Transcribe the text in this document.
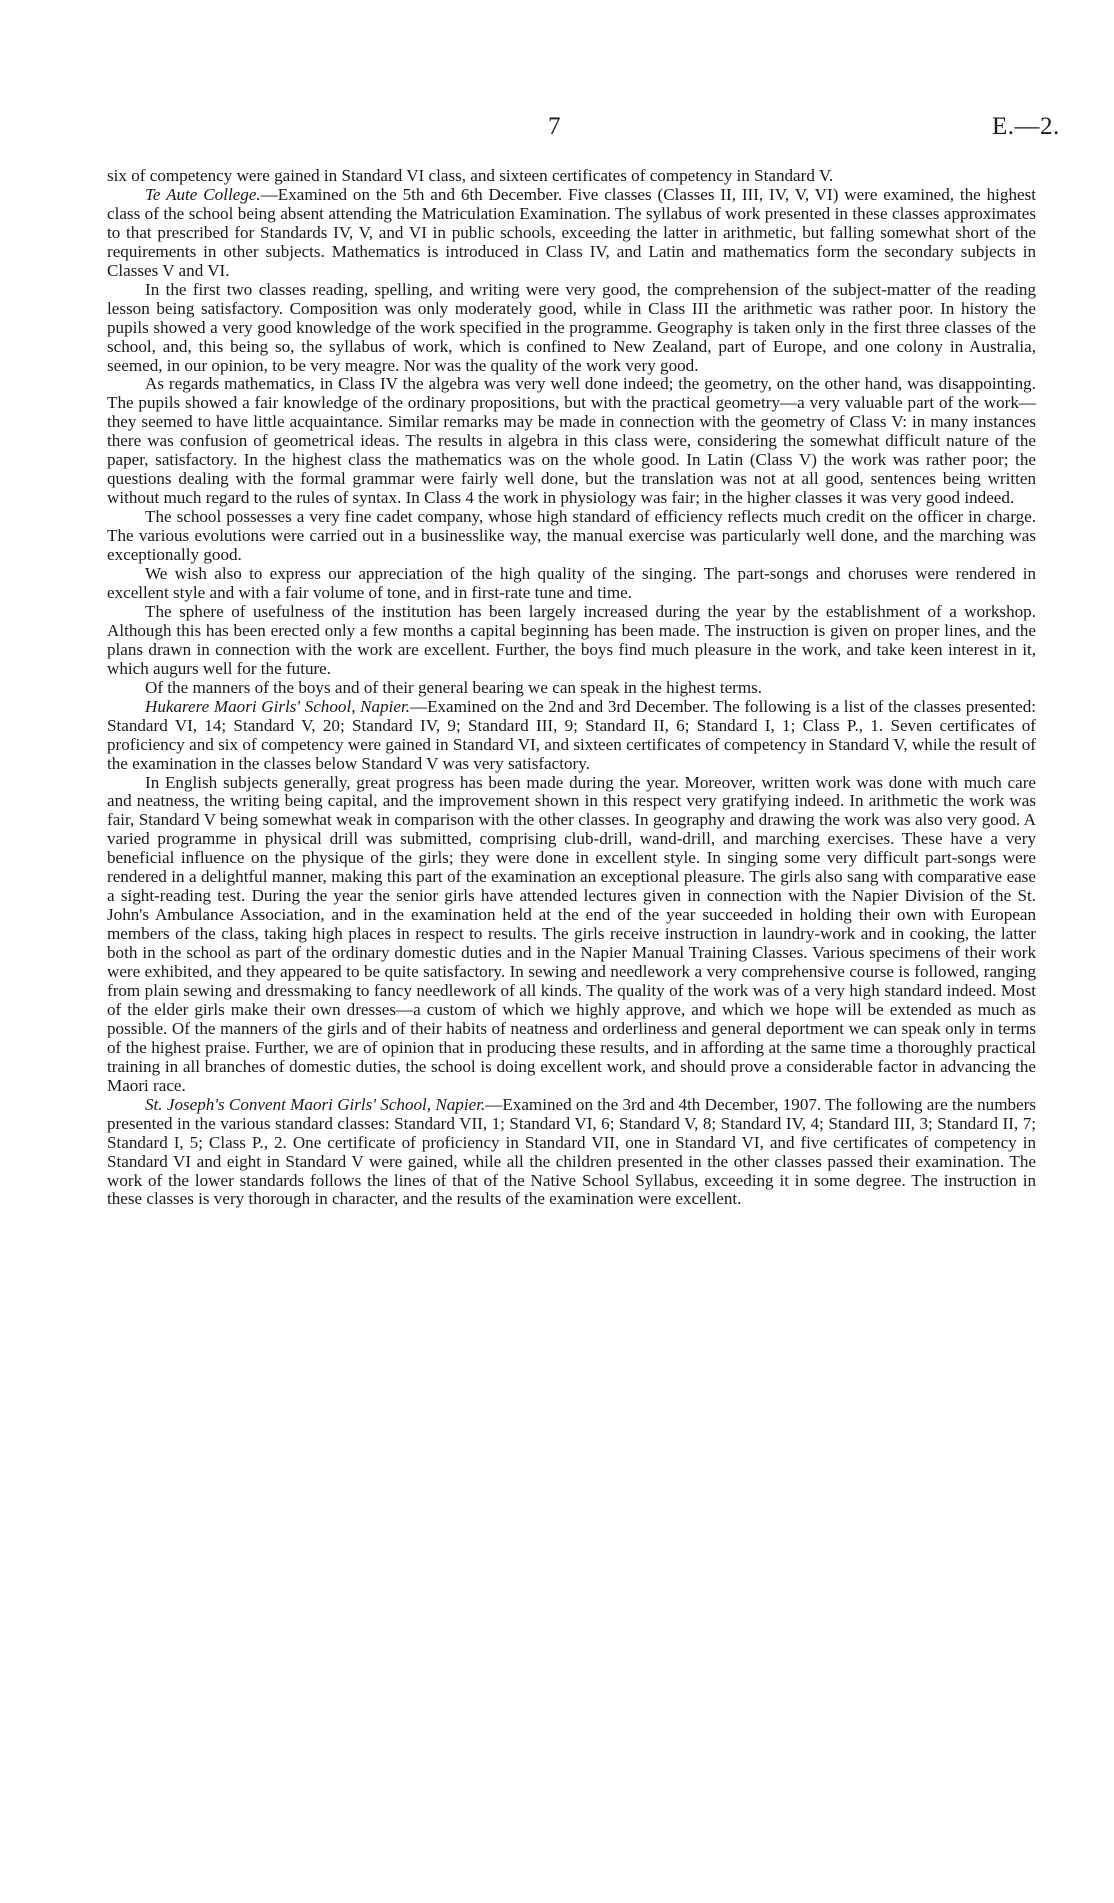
7	E.—2.

six of competency were gained in Standard VI class, and sixteen certificates of competency in Standard V.

Te Aute College.—Examined on the 5th and 6th December. Five classes (Classes II, III, IV, V, VI) were examined, the highest class of the school being absent attending the Matriculation Examination. The syllabus of work presented in these classes approximates to that prescribed for Standards IV, V, and VI in public schools, exceeding the latter in arithmetic, but falling somewhat short of the requirements in other subjects. Mathematics is introduced in Class IV, and Latin and mathematics form the secondary subjects in Classes V and VI.

In the first two classes reading, spelling, and writing were very good, the comprehension of the subject-matter of the reading lesson being satisfactory. Composition was only moderately good, while in Class III the arithmetic was rather poor. In history the pupils showed a very good knowledge of the work specified in the programme. Geography is taken only in the first three classes of the school, and, this being so, the syllabus of work, which is confined to New Zealand, part of Europe, and one colony in Australia, seemed, in our opinion, to be very meagre. Nor was the quality of the work very good.

As regards mathematics, in Class IV the algebra was very well done indeed; the geometry, on the other hand, was disappointing. The pupils showed a fair knowledge of the ordinary propositions, but with the practical geometry—a very valuable part of the work—they seemed to have little acquaintance. Similar remarks may be made in connection with the geometry of Class V: in many instances there was confusion of geometrical ideas. The results in algebra in this class were, considering the somewhat difficult nature of the paper, satisfactory. In the highest class the mathematics was on the whole good. In Latin (Class V) the work was rather poor; the questions dealing with the formal grammar were fairly well done, but the translation was not at all good, sentences being written without much regard to the rules of syntax. In Class 4 the work in physiology was fair; in the higher classes it was very good indeed.

The school possesses a very fine cadet company, whose high standard of efficiency reflects much credit on the officer in charge. The various evolutions were carried out in a businesslike way, the manual exercise was particularly well done, and the marching was exceptionally good.

We wish also to express our appreciation of the high quality of the singing. The part-songs and choruses were rendered in excellent style and with a fair volume of tone, and in first-rate tune and time.

The sphere of usefulness of the institution has been largely increased during the year by the establishment of a workshop. Although this has been erected only a few months a capital beginning has been made. The instruction is given on proper lines, and the plans drawn in connection with the work are excellent. Further, the boys find much pleasure in the work, and take keen interest in it, which augurs well for the future.

Of the manners of the boys and of their general bearing we can speak in the highest terms.

Hukarere Maori Girls' School, Napier.—Examined on the 2nd and 3rd December. The following is a list of the classes presented: Standard VI, 14; Standard V, 20; Standard IV, 9; Standard III, 9; Standard II, 6; Standard I, 1; Class P., 1. Seven certificates of proficiency and six of competency were gained in Standard VI, and sixteen certificates of competency in Standard V, while the result of the examination in the classes below Standard V was very satisfactory.

In English subjects generally, great progress has been made during the year. Moreover, written work was done with much care and neatness, the writing being capital, and the improvement shown in this respect very gratifying indeed. In arithmetic the work was fair, Standard V being somewhat weak in comparison with the other classes. In geography and drawing the work was also very good. A varied programme in physical drill was submitted, comprising club-drill, wand-drill, and marching exercises. These have a very beneficial influence on the physique of the girls; they were done in excellent style. In singing some very difficult part-songs were rendered in a delightful manner, making this part of the examination an exceptional pleasure. The girls also sang with comparative ease a sight-reading test. During the year the senior girls have attended lectures given in connection with the Napier Division of the St. John's Ambulance Association, and in the examination held at the end of the year succeeded in holding their own with European members of the class, taking high places in respect to results. The girls receive instruction in laundry-work and in cooking, the latter both in the school as part of the ordinary domestic duties and in the Napier Manual Training Classes. Various specimens of their work were exhibited, and they appeared to be quite satisfactory. In sewing and needlework a very comprehensive course is followed, ranging from plain sewing and dressmaking to fancy needlework of all kinds. The quality of the work was of a very high standard indeed. Most of the elder girls make their own dresses—a custom of which we highly approve, and which we hope will be extended as much as possible. Of the manners of the girls and of their habits of neatness and orderliness and general deportment we can speak only in terms of the highest praise. Further, we are of opinion that in producing these results, and in affording at the same time a thoroughly practical training in all branches of domestic duties, the school is doing excellent work, and should prove a considerable factor in advancing the Maori race.

St. Joseph's Convent Maori Girls' School, Napier.—Examined on the 3rd and 4th December, 1907. The following are the numbers presented in the various standard classes: Standard VII, 1; Standard VI, 6; Standard V, 8; Standard IV, 4; Standard III, 3; Standard II, 7; Standard I, 5; Class P., 2. One certificate of proficiency in Standard VII, one in Standard VI, and five certificates of competency in Standard VI and eight in Standard V were gained, while all the children presented in the other classes passed their examination. The work of the lower standards follows the lines of that of the Native School Syllabus, exceeding it in some degree. The instruction in these classes is very thorough in character, and the results of the examination were excellent.
